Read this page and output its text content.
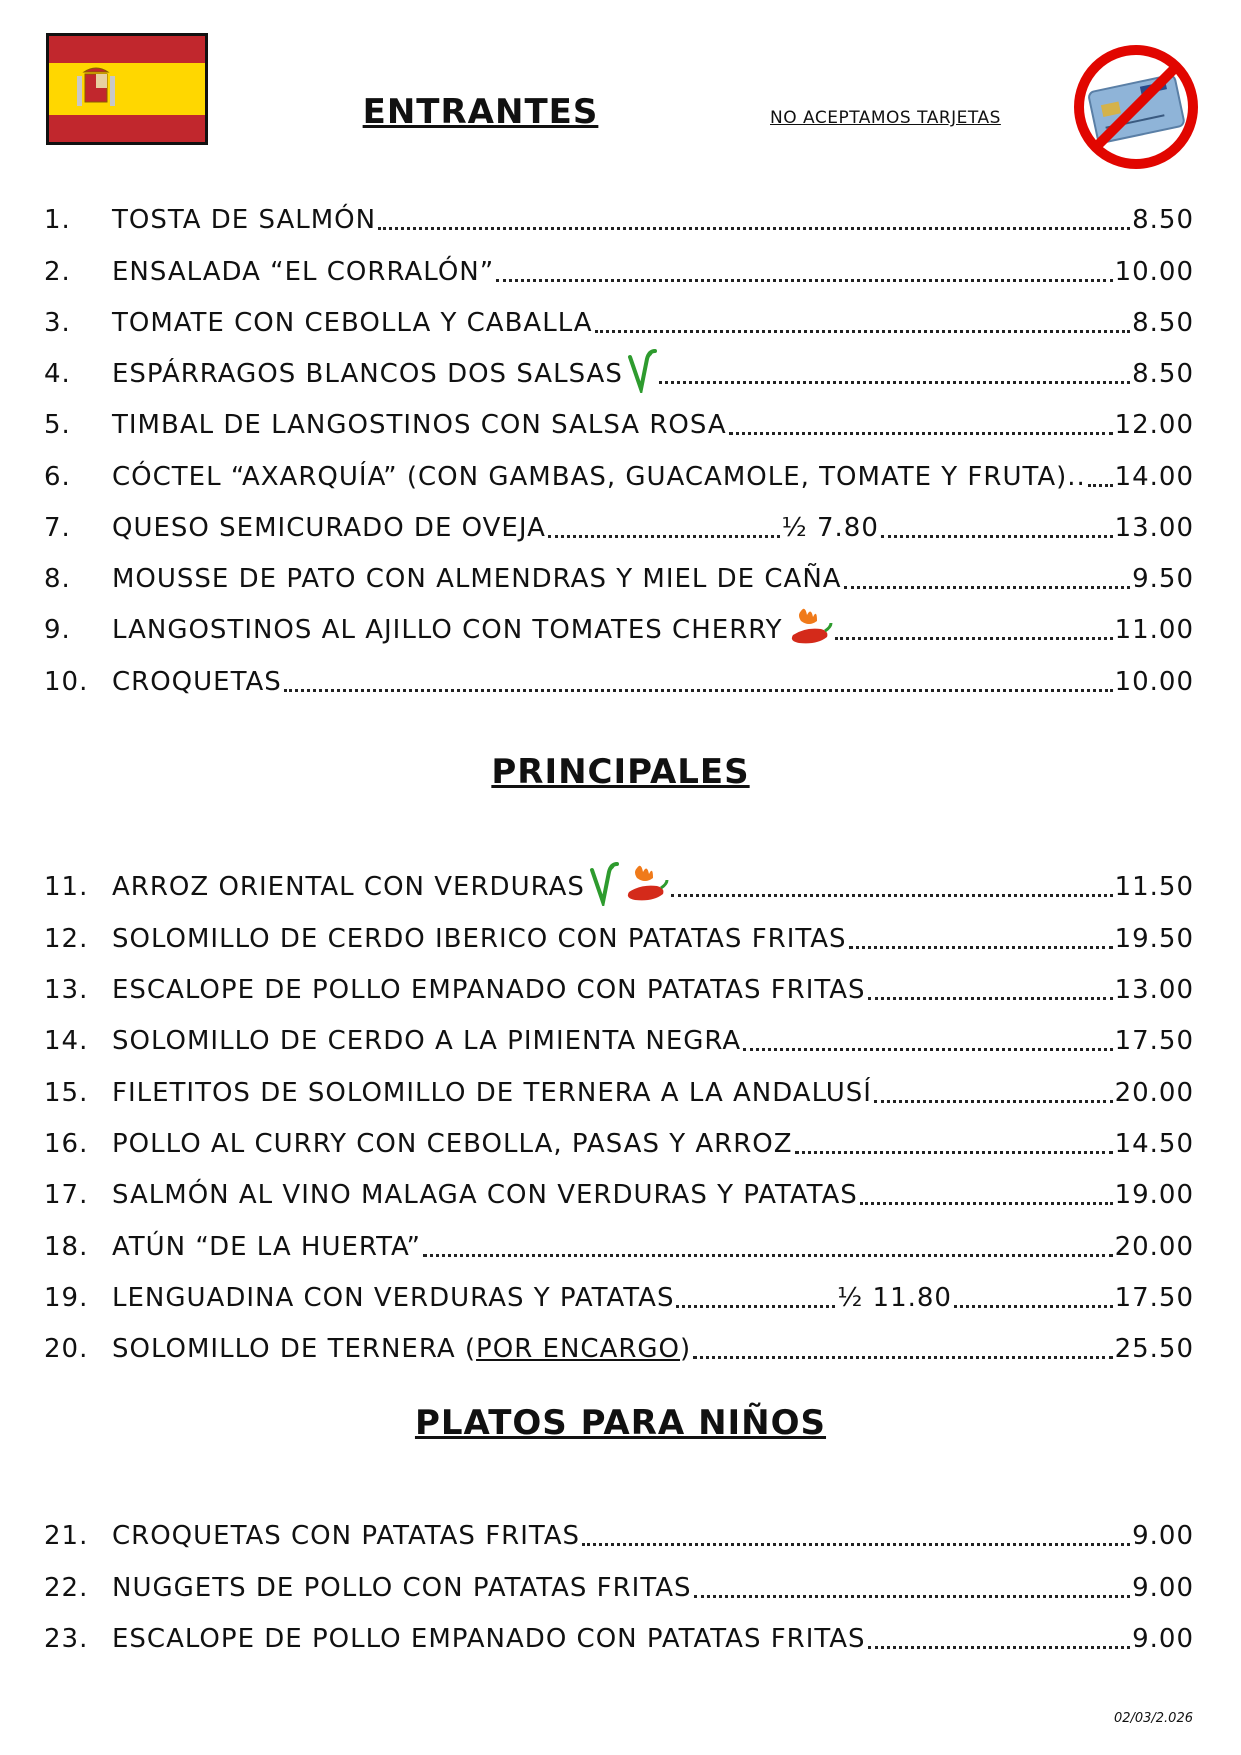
ENTRANTES	NO ACEPTAMOS TARJETAS
PRINCIPALES
PLATOS PARA NIÑOS
1.	TOSTA DE SALMÓN	8.50
2.	ENSALADA “EL CORRALÓN”	10.00
3.	TOMATE CON CEBOLLA Y CABALLA	8.50
4.	ESPÁRRAGOS BLANCOS DOS SALSAS	8.50
5.	TIMBAL DE LANGOSTINOS CON SALSA ROSA	12.00
6.	CÓCTEL “AXARQUÍA” (CON GAMBAS, GUACAMOLE, TOMATE Y FRUTA).. 14.00
7.	QUESO SEMICURADO DE OVEJA	½ 7.80	13.00
8.	MOUSSE DE PATO CON ALMENDRAS Y MIEL DE CAÑA	9.50
9.	LANGOSTINOS AL AJILLO CON TOMATES CHERRY	11.00
10. CROQUETAS	10.00
11. ARROZ ORIENTAL CON VERDURAS	11.50
12. SOLOMILLO DE CERDO IBERICO CON PATATAS FRITAS	19.50
13. ESCALOPE DE POLLO EMPANADO CON PATATAS FRITAS	13.00
14. SOLOMILLO DE CERDO A LA PIMIENTA NEGRA	17.50
15. FILETITOS DE SOLOMILLO DE TERNERA A LA ANDALUSÍ	20.00
16. POLLO AL CURRY CON CEBOLLA, PASAS Y ARROZ	14.50
17. SALMÓN AL VINO MALAGA CON VERDURAS Y PATATAS	19.00
18. ATÚN “DE LA HUERTA”	20.00
19. LENGUADINA CON VERDURAS Y PATATAS	½ 11.80	17.50
20. SOLOMILLO DE TERNERA ( POR ENCARGO )	25.50
21. CROQUETAS CON PATATAS FRITAS	9.00
22. NUGGETS DE POLLO CON PATATAS FRITAS	9.00
23. ESCALOPE DE POLLO EMPANADO CON PATATAS FRITAS	9.00
02/03/2.026
